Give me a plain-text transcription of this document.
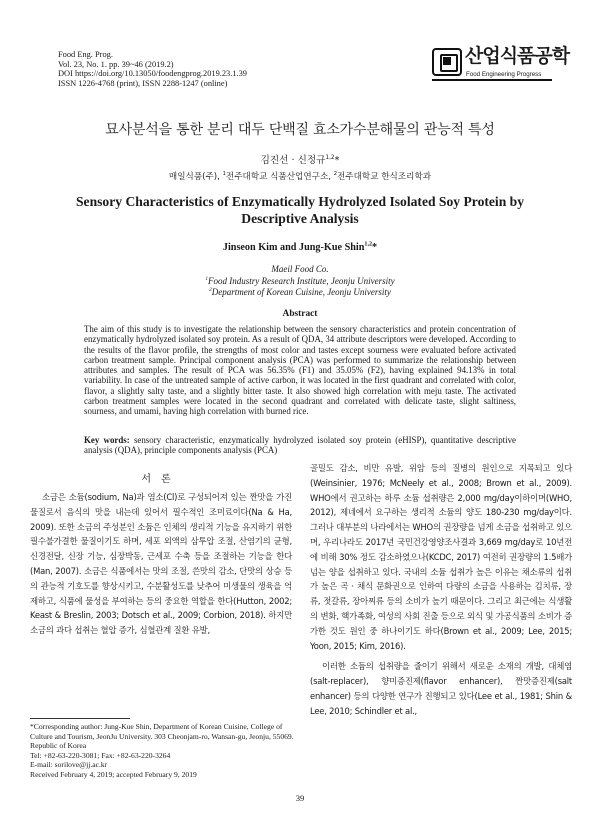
Food Eng. Prog.
Vol. 23, No. 1. pp. 39~46 (2019.2)
DOI https://doi.org/10.13050/foodengprog.2019.23.1.39
ISSN 1226-4768 (print), ISSN 2288-1247 (online)
산업식품공학
Food Engineering Progress
묘사분석을 통한 분리 대두 단백질 효소가수분해물의 관능적 특성
김진선 · 신정규$^{1,2}$*
매일식품(주), $^1$전주대학교 식품산업연구소, $^2$전주대학교 한식조리학과
Sensory Characteristics of Enzymatically Hydrolyzed Isolated Soy Protein by Descriptive Analysis
Jinseon Kim and Jung-Kue Shin$^{1,2}$*
Maeil Food Co.
$^1$Food Industry Research Institute, Jeonju University
$^2$Department of Korean Cuisine, Jeonju University
Abstract
The aim of this study is to investigate the relationship between the sensory characteristics and protein concentration of enzymatically hydrolyzed isolated soy protein. As a result of QDA, 34 attribute descriptors were developed. According to the results of the flavor profile, the strengths of most color and tastes except sourness were evaluated before activated carbon treatment sample. Principal component analysis (PCA) was performed to summarize the relationship between attributes and samples. The result of PCA was 56.35% (F1) and 35.05% (F2), having explained 94.13% in total variability. In case of the untreated sample of active carbon, it was located in the first quadrant and correlated with color, flavor, a slightly salty taste, and a slightly bitter taste. It also showed high correlation with meju taste. The activated carbon treatment samples were located in the second quadrant and correlated with delicate taste, slight saltiness, sourness, and umami, having high correlation with burned rice.
Key words: sensory characteristic, enzymatically hydrolyzed isolated soy protein (eHISP), quantitative descriptive analysis (QDA), principle components analysis (PCA)
서론

소금은 소듐(sodium, Na)과 염소(Cl)로 구성되어져 있는 짠맛을 가진 물질로서 음식의 맛을 내는데 있어서 필수적인 조미료이다(Na & Ha, 2009). 또한 소금의 주성분인 소듐은 인체의 생리적 기능을 유지하기 위한 필수불가결한 물질이기도 하며, 세포 외액의 삼투압 조절, 산염기의 균형, 신경전달, 신장 기능, 심장박동, 근세포 수축 등을 조절하는 기능을 한다(Man, 2007). 소금은 식품에서는 맛의 조절, 쓴맛의 감소, 단맛의 상승 등의 관능적 기호도를 향상시키고, 수분활성도를 낮추어 미생물의 생육을 억제하고, 식품에 물성을 부여하는 등의 중요한 역할을 한다(Hutton, 2002; Keast & Breslin, 2003; Dotsch et al., 2009; Corbion, 2018). 하지만 소금의 과다 섭취는 혈압 증가, 심혈관계 질환 유발,

골밀도 감소, 비만 유발, 위암 등의 질병의 원인으로 지목되고 있다(Weinsinier, 1976; McNeely et al., 2008; Brown et al., 2009). WHO에서 권고하는 하루 소듐 섭취량은 2,000 mg/day이하이며(WHO, 2012), 제네에서 요구하는 생리적 소듐의 양도 180-230 mg/day이다. 그러나 대부분의 나라에서는 WHO의 권장량을 넘게 소금을 섭취하고 있으며, 우리나라도 2017년 국민건강영양조사결과 3,669 mg/day로 10년전에 비해 30% 정도 감소하였으나(KCDC, 2017) 여전히 권장량의 1.5배가 넘는 양을 섭취하고 있다. 국내의 소듐 섭취가 높은 이유는 채소류의 섭취가 높은 곡 · 채식 문화권으로 인하여 다량의 소금을 사용하는 김치류, 장류, 젓갈류, 장아찌류 등의 소비가 높기 때문이다. 그리고 최근에는 식생활의 변화, 핵가족화, 여성의 사회 진출 등으로 외식 및 가공식품의 소비가 증가한 것도 원인 중 하나이기도 하다(Brown et al., 2009; Lee, 2015; Yoon, 2015; Kim, 2016).

이러한 소듐의 섭취량을 줄이기 위해서 새로운 소재의 개발, 대체염(salt-replacer), 향미증진제(flavor enhancer), 짠맛증진제(salt enhancer) 등의 다양한 연구가 진행되고 있다(Lee et al., 1981; Shin & Lee, 2010; Schindler et al.,

*Corresponding author: Jung-Kue Shin, Department of Korean Cuisine, College of Culture and Tourism, JeonJu University. 303 Cheonjam-ro, Wansan-gu, Jeonju, 55069. Republic of Korea
Tel: +82-63-220-3081; Fax: +82-63-220-3264
E-mail: sorilove@jj.ac.kr
Received February 4, 2019; accepted February 9, 2019
39
